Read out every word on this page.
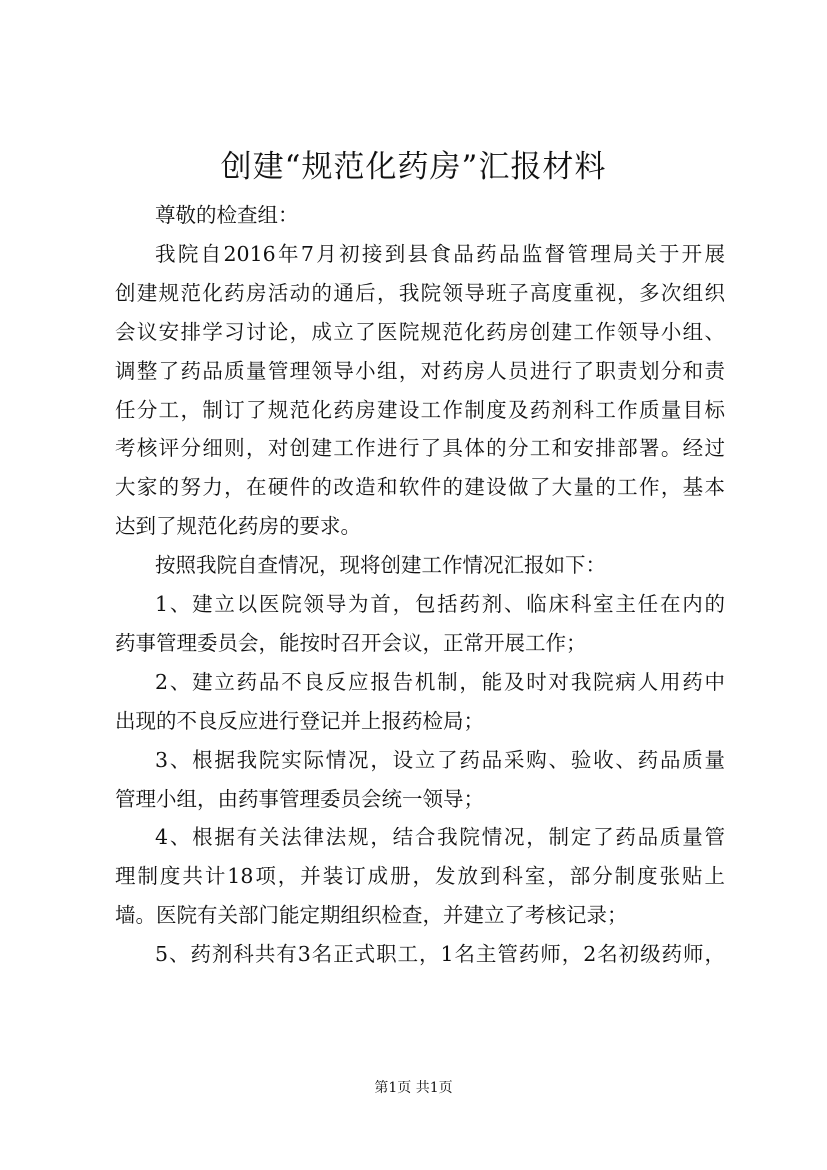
创建“规范化药房”汇报材料

尊敬的检查组：

我院自2016年7月初接到县食品药品监督管理局关于开展

创建规范化药房活动的通后，我院领导班子高度重视，多次组织

会议安排学习讨论，成立了医院规范化药房创建工作领导小组、

调整了药品质量管理领导小组，对药房人员进行了职责划分和责

任分工，制订了规范化药房建设工作制度及药剂科工作质量目标

考核评分细则，对创建工作进行了具体的分工和安排部署。经过

大家的努力，在硬件的改造和软件的建设做了大量的工作，基本

达到了规范化药房的要求。

按照我院自查情况，现将创建工作情况汇报如下：

1、建立以医院领导为首，包括药剂、临床科室主任在内的

药事管理委员会，能按时召开会议，正常开展工作；

2、建立药品不良反应报告机制，能及时对我院病人用药中

出现的不良反应进行登记并上报药检局；

3、根据我院实际情况，设立了药品采购、验收、药品质量

管理小组，由药事管理委员会统一领导；

4、根据有关法律法规，结合我院情况，制定了药品质量管

理制度共计18项，并装订成册，发放到科室，部分制度张贴上

墙。医院有关部门能定期组织检查，并建立了考核记录；

5、药剂科共有3名正式职工，1名主管药师，2名初级药师，

第1页 共1页
